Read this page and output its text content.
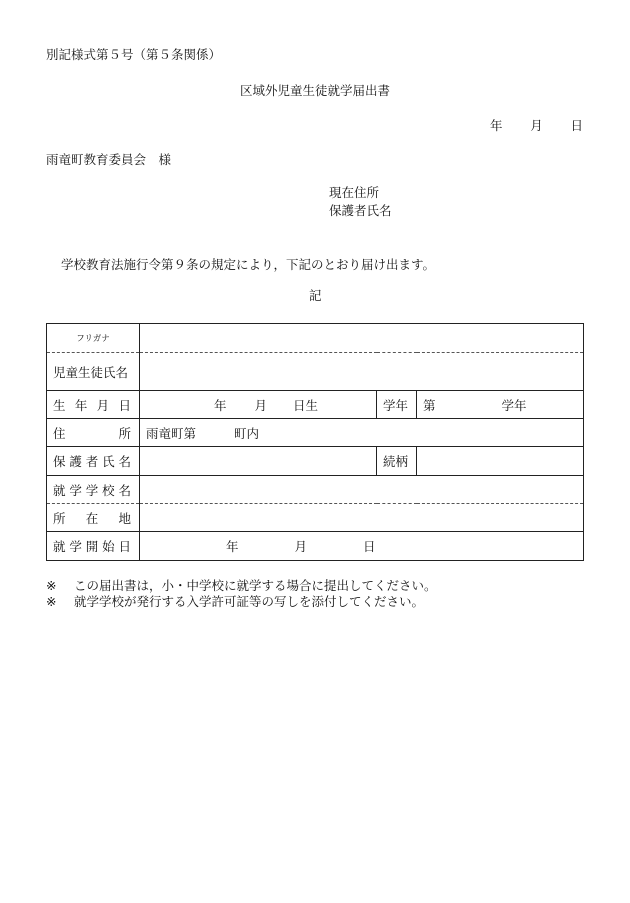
別記様式第５号（第５条関係）
区域外児童生徒就学届出書
年 月 日
雨竜町教育委員会　様
現在住所
保護者氏名
学校教育法施行令第９条の規定により，下記のとおり届け出ます。
記
フリガナ			
児童生徒氏名			

生 年 月 日	年 月 日生	学年	第 学年

住 所	雨竜町第 町内		

保 護 者 氏 名		続柄	

就 学 学 校 名			

所 在 地			

就 学 開 始 日	年 月 日		
※ この届出書は，小・中学校に就学する場合に提出してください。
※ 就学学校が発行する入学許可証等の写しを添付してください。
